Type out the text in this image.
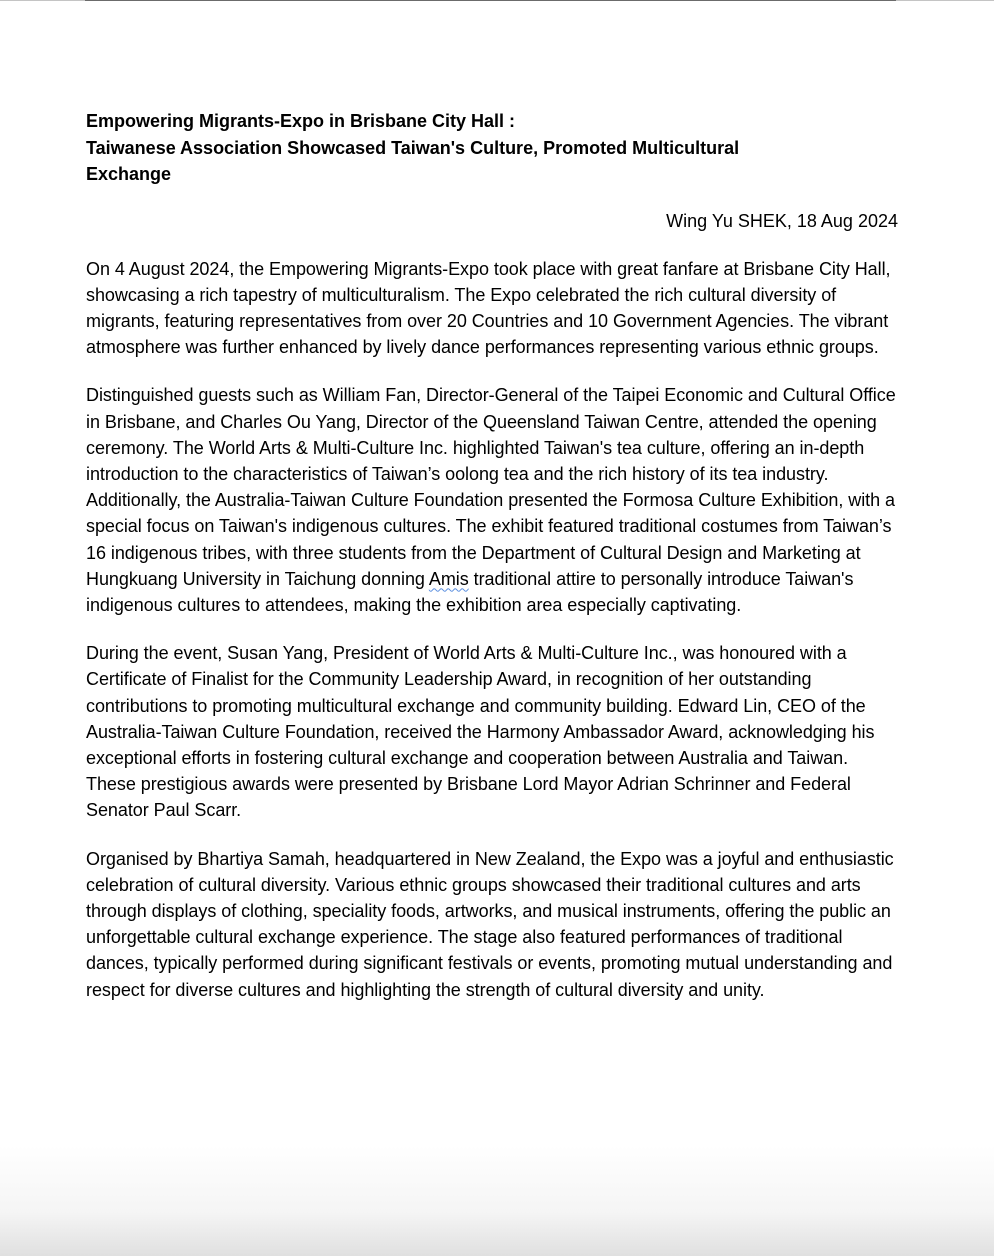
Empowering Migrants-Expo in Brisbane City Hall :
Taiwanese Association Showcased Taiwan's Culture, Promoted Multicultural
Exchange

Wing Yu SHEK, 18 Aug 2024

On 4 August 2024, the Empowering Migrants-Expo took place with great fanfare at Brisbane City Hall, showcasing a rich tapestry of multiculturalism. The Expo celebrated the rich cultural diversity of migrants, featuring representatives from over 20 Countries and 10 Government Agencies. The vibrant atmosphere was further enhanced by lively dance performances representing various ethnic groups.

Distinguished guests such as William Fan, Director-General of the Taipei Economic and Cultural Office in Brisbane, and Charles Ou Yang, Director of the Queensland Taiwan Centre, attended the opening ceremony. The World Arts & Multi-Culture Inc. highlighted Taiwan's tea culture, offering an in-depth introduction to the characteristics of Taiwan’s oolong tea and the rich history of its tea industry. Additionally, the Australia-Taiwan Culture Foundation presented the Formosa Culture Exhibition, with a special focus on Taiwan's indigenous cultures. The exhibit featured traditional costumes from Taiwan’s 16 indigenous tribes, with three students from the Department of Cultural Design and Marketing at Hungkuang University in Taichung donning Amis traditional attire to personally introduce Taiwan's indigenous cultures to attendees, making the exhibition area especially captivating.

During the event, Susan Yang, President of World Arts & Multi-Culture Inc., was honoured with a Certificate of Finalist for the Community Leadership Award, in recognition of her outstanding contributions to promoting multicultural exchange and community building. Edward Lin, CEO of the Australia-Taiwan Culture Foundation, received the Harmony Ambassador Award, acknowledging his exceptional efforts in fostering cultural exchange and cooperation between Australia and Taiwan. These prestigious awards were presented by Brisbane Lord Mayor Adrian Schrinner and Federal Senator Paul Scarr.

Organised by Bhartiya Samah, headquartered in New Zealand, the Expo was a joyful and enthusiastic celebration of cultural diversity. Various ethnic groups showcased their traditional cultures and arts through displays of clothing, speciality foods, artworks, and musical instruments, offering the public an unforgettable cultural exchange experience. The stage also featured performances of traditional dances, typically performed during significant festivals or events, promoting mutual understanding and respect for diverse cultures and highlighting the strength of cultural diversity and unity.
